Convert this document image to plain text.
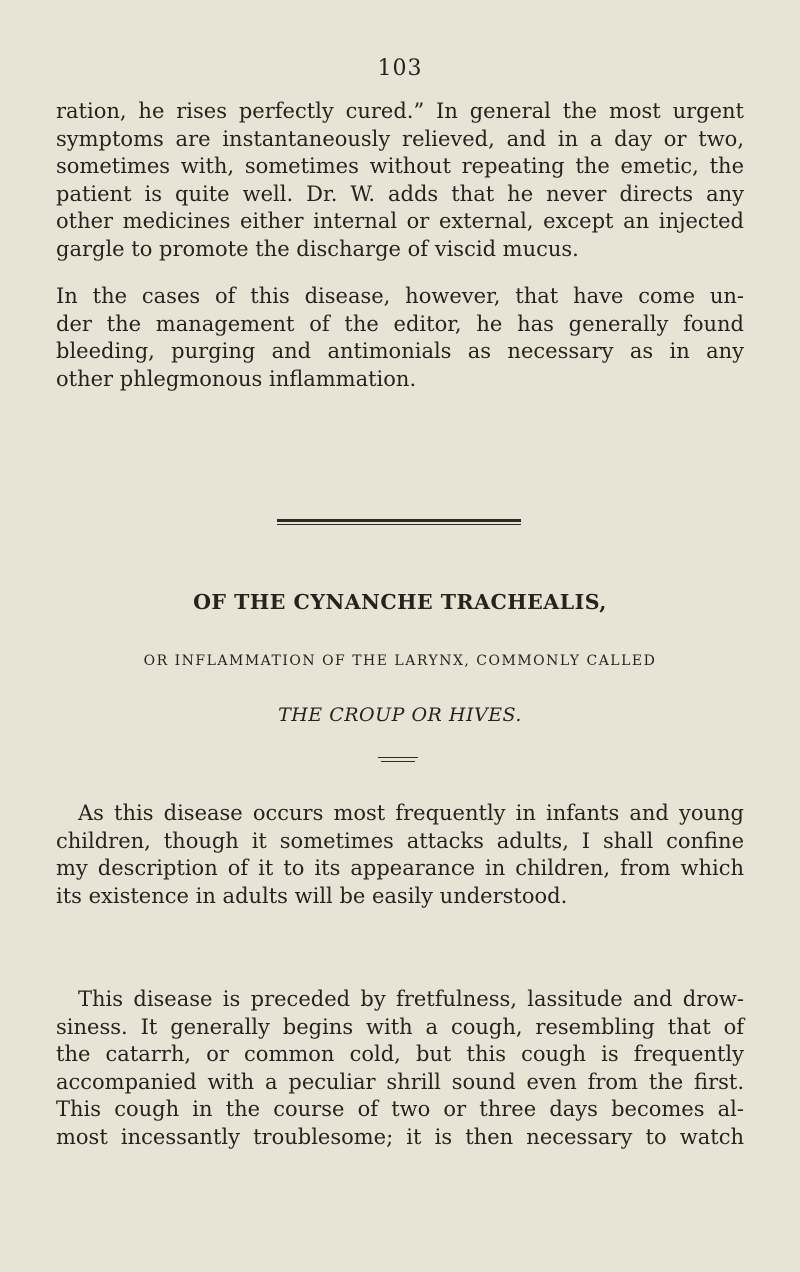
103
ration, he rises perfectly cured.” In general the most urgent
symptoms are instantaneously relieved, and in a day or two,
sometimes with, sometimes without repeating the emetic, the
patient is quite well. Dr. W. adds that he never directs any
other medicines either internal or external, except an injected
gargle to promote the discharge of viscid mucus.
In the cases of this disease, however, that have come un-
der the management of the editor, he has generally found
bleeding, purging and antimonials as necessary as in any
other phlegmonous inflammation.
OF THE CYNANCHE TRACHEALIS,
OR INFLAMMATION OF THE LARYNX, COMMONLY CALLED
THE CROUP OR HIVES.
As this disease occurs most frequently in infants and young
children, though it sometimes attacks adults, I shall confine
my description of it to its appearance in children, from which
its existence in adults will be easily understood.
This disease is preceded by fretfulness, lassitude and drow-
siness. It generally begins with a cough, resembling that of
the catarrh, or common cold, but this cough is frequently
accompanied with a peculiar shrill sound even from the first.
This cough in the course of two or three days becomes al-
most incessantly troublesome; it is then necessary to watch
